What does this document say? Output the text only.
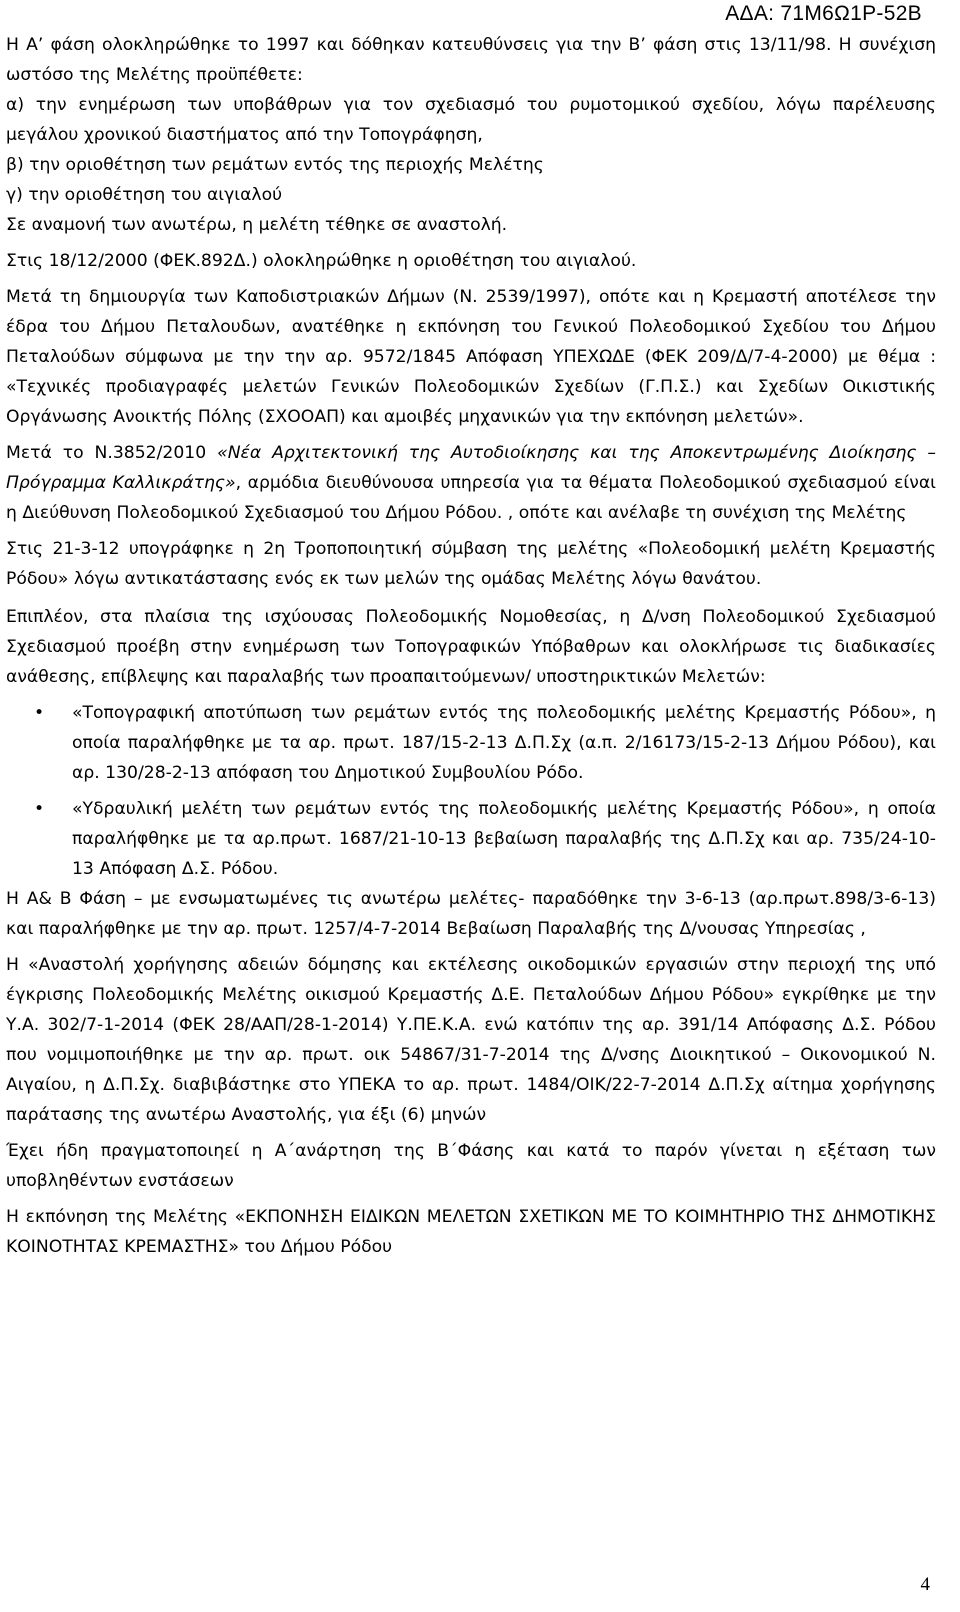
ΑΔΑ: 71Μ6Ω1Ρ-52Β

Η Α’ φάση ολοκληρώθηκε το 1997 και δόθηκαν κατευθύνσεις για την Β’ φάση στις 13/11/98. Η συνέχιση ωστόσο της Μελέτης προϋπέθετε:

α) την ενημέρωση των υποβάθρων για τον σχεδιασμό του ρυμοτομικού σχεδίου, λόγω παρέλευσης μεγάλου χρονικού διαστήματος από την Τοπογράφηση,

β) την οριοθέτηση των ρεμάτων εντός της περιοχής Μελέτης

γ) την οριοθέτηση του αιγιαλού

Σε αναμονή των ανωτέρω, η μελέτη τέθηκε σε αναστολή.

Στις 18/12/2000 (ΦΕΚ.892Δ.) ολοκληρώθηκε η οριοθέτηση του αιγιαλού.

Μετά τη δημιουργία των Καποδιστριακών Δήμων (Ν. 2539/1997), οπότε και η Κρεμαστή αποτέλεσε την έδρα του Δήμου Πεταλουδων, ανατέθηκε η εκπόνηση του Γενικού Πολεοδομικού Σχεδίου του Δήμου Πεταλούδων σύμφωνα με την την αρ. 9572/1845 Απόφαση ΥΠΕΧΩΔΕ (ΦΕΚ 209/Δ/7-4-2000) με θέμα : «Τεχνικές προδιαγραφές μελετών Γενικών Πολεοδομικών Σχεδίων (Γ.Π.Σ.) και Σχεδίων Οικιστικής Οργάνωσης Ανοικτής Πόλης (ΣΧΟΟΑΠ) και αμοιβές μηχανικών για την εκπόνηση μελετών».

Μετά το Ν.3852/2010 «Νέα Αρχιτεκτονική της Αυτοδιοίκησης και της Αποκεντρωμένης Διοίκησης –Πρόγραμμα Καλλικράτης», αρμόδια διευθύνουσα υπηρεσία για τα θέματα Πολεοδομικού σχεδιασμού είναι η Διεύθυνση Πολεοδομικού Σχεδιασμού του Δήμου Ρόδου. , οπότε και ανέλαβε τη συνέχιση της Μελέτης

Στις 21-3-12 υπογράφηκε η 2η Τροποποιητική σύμβαση της μελέτης «Πολεοδομική μελέτη Κρεμαστής Ρόδου» λόγω αντικατάστασης ενός εκ των μελών της ομάδας Μελέτης λόγω θανάτου.

Επιπλέον, στα πλαίσια της ισχύουσας Πολεοδομικής Νομοθεσίας, η Δ/νση Πολεοδομικού Σχεδιασμού Σχεδιασμού προέβη στην ενημέρωση των Τοπογραφικών Υπόβαθρων και ολοκλήρωσε τις διαδικασίες ανάθεσης, επίβλεψης και παραλαβής των προαπαιτούμενων/ υποστηρικτικών Μελετών:

• «Τοπογραφική αποτύπωση των ρεμάτων εντός της πολεοδομικής μελέτης Κρεμαστής Ρόδου», η οποία παραλήφθηκε με τα αρ. πρωτ. 187/15-2-13 Δ.Π.Σχ (α.π. 2/16173/15-2-13 Δήμου Ρόδου), και αρ. 130/28-2-13 απόφαση του Δημοτικού Συμβουλίου Ρόδο.
• «Υδραυλική μελέτη των ρεμάτων εντός της πολεοδομικής μελέτης Κρεμαστής Ρόδου», η οποία παραλήφθηκε με τα αρ.πρωτ. 1687/21-10-13 βεβαίωση παραλαβής της Δ.Π.Σχ και αρ. 735/24-10-13 Απόφαση Δ.Σ. Ρόδου.

Η Α& Β Φάση – με ενσωματωμένες τις ανωτέρω μελέτες- παραδόθηκε την 3-6-13 (αρ.πρωτ.898/3-6-13) και παραλήφθηκε με την αρ. πρωτ. 1257/4-7-2014 Βεβαίωση Παραλαβής της Δ/νουσας Υπηρεσίας ,

Η «Αναστολή χορήγησης αδειών δόμησης και εκτέλεσης οικοδομικών εργασιών στην περιοχή της υπό έγκρισης Πολεοδομικής Μελέτης οικισμού Κρεμαστής Δ.Ε. Πεταλούδων Δήμου Ρόδου» εγκρίθηκε με την Υ.Α. 302/7-1-2014 (ΦΕΚ 28/ΑΑΠ/28-1-2014) Υ.ΠΕ.Κ.Α. ενώ κατόπιν της αρ. 391/14 Απόφασης Δ.Σ. Ρόδου που νομιμοποιήθηκε με την αρ. πρωτ. οικ 54867/31-7-2014 της Δ/νσης Διοικητικού – Οικονομικού Ν. Αιγαίου, η Δ.Π.Σχ. διαβιβάστηκε στο ΥΠΕΚΑ το αρ. πρωτ. 1484/ΟΙΚ/22-7-2014 Δ.Π.Σχ αίτημα χορήγησης παράτασης της ανωτέρω Αναστολής, για έξι (6) μηνών

Έχει ήδη πραγματοποιηεί η Α΄ανάρτηση της Β΄Φάσης και κατά το παρόν γίνεται η εξέταση των υποβληθέντων ενστάσεων

Η εκπόνηση της Μελέτης «ΕΚΠΟΝΗΣΗ ΕΙΔΙΚΩΝ ΜΕΛΕΤΩΝ ΣΧΕΤΙΚΩΝ ΜΕ ΤΟ ΚΟΙΜΗΤΗΡΙΟ ΤΗΣ ΔΗΜΟΤΙΚΗΣ ΚΟΙΝΟΤΗΤΑΣ ΚΡΕΜΑΣΤΗΣ» του Δήμου Ρόδου

4
